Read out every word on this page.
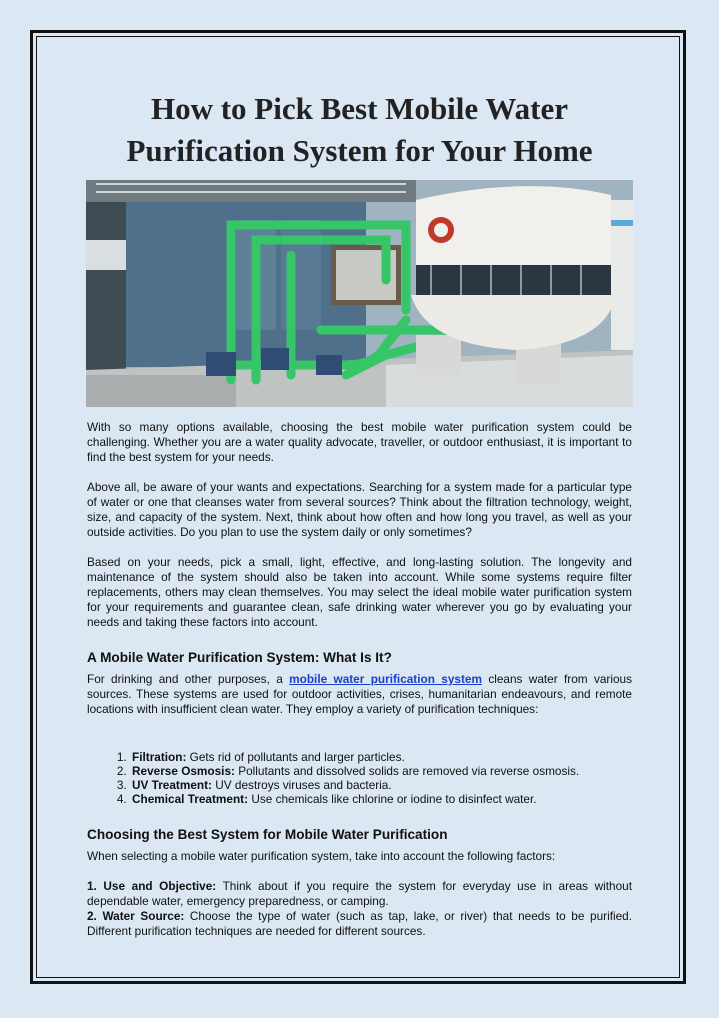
How to Pick Best Mobile Water Purification System for Your Home

With so many options available, choosing the best mobile water purification system could be challenging. Whether you are a water quality advocate, traveller, or outdoor enthusiast, it is important to find the best system for your needs.

Above all, be aware of your wants and expectations. Searching for a system made for a particular type of water or one that cleanses water from several sources? Think about the filtration technology, weight, size, and capacity of the system. Next, think about how often and how long you travel, as well as your outside activities. Do you plan to use the system daily or only sometimes?

Based on your needs, pick a small, light, effective, and long-lasting solution. The longevity and maintenance of the system should also be taken into account. While some systems require filter replacements, others may clean themselves. You may select the ideal mobile water purification system for your requirements and guarantee clean, safe drinking water wherever you go by evaluating your needs and taking these factors into account.

A Mobile Water Purification System: What Is It?

For drinking and other purposes, a mobile water purification system cleans water from various sources. These systems are used for outdoor activities, crises, humanitarian endeavours, and remote locations with insufficient clean water. They employ a variety of purification techniques:

1. Filtration: Gets rid of pollutants and larger particles.
2. Reverse Osmosis: Pollutants and dissolved solids are removed via reverse osmosis.
3. UV Treatment: UV destroys viruses and bacteria.
4. Chemical Treatment: Use chemicals like chlorine or iodine to disinfect water.
Choosing the Best System for Mobile Water Purification

When selecting a mobile water purification system, take into account the following factors:

1. Use and Objective: Think about if you require the system for everyday use in areas without dependable water, emergency preparedness, or camping.

2. Water Source: Choose the type of water (such as tap, lake, or river) that needs to be purified. Different purification techniques are needed for different sources.
